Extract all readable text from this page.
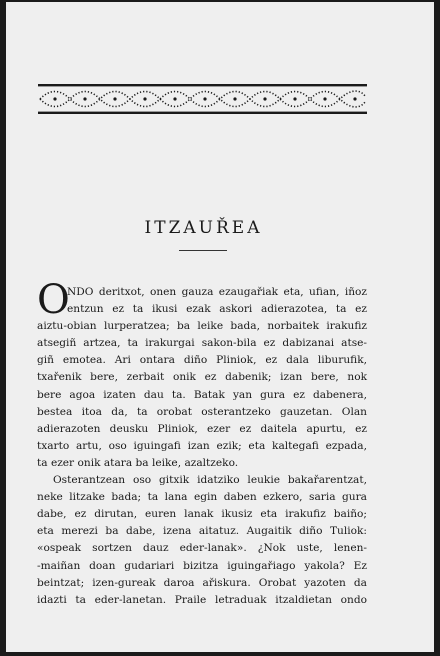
ITZAUŘEA
O
NDO deritxot, onen gauza ezaugařiak eta, ufian, iñoz
entzun ez ta ikusi ezak askori adierazotea, ta ez
aiztu-obian lurperatzea; ba leike bada, norbaitek irakufiz
atsegiñ artzea, ta irakurgai sakon-bila ez dabizanai atse-
giñ emotea. Ari ontara diño Pliniok, ez dala liburufik,
txařenik bere, zerbait onik ez dabenik; izan bere, nok
bere agoa izaten dau ta. Batak yan gura ez dabenera,
bestea itoa da, ta orobat osterantzeko gauzetan. Olan
adierazoten deusku Pliniok, ezer ez daitela apurtu, ez
txarto artu, oso iguingafi izan ezik; eta kaltegafi ezpada,
ta ezer onik atara ba leike, azaltzeko.
Osterantzean oso gitxik idatziko leukie bakařarentzat,
neke litzake bada; ta lana egin daben ezkero, saria gura
dabe, ez dirutan, euren lanak ikusiz eta irakufiz baiño;
eta merezi ba dabe, izena aitatuz. Augaitik diño Tuliok:
«ospeak sortzen dauz eder-lanak». ¿Nok uste, lenen-
-maiñan doan gudariari bizitza iguingařiago yakola? Ez
beintzat; izen-gureak daroa ařiskura. Orobat yazoten da
idazti ta eder-lanetan. Praile letraduak itzaldietan ondo
